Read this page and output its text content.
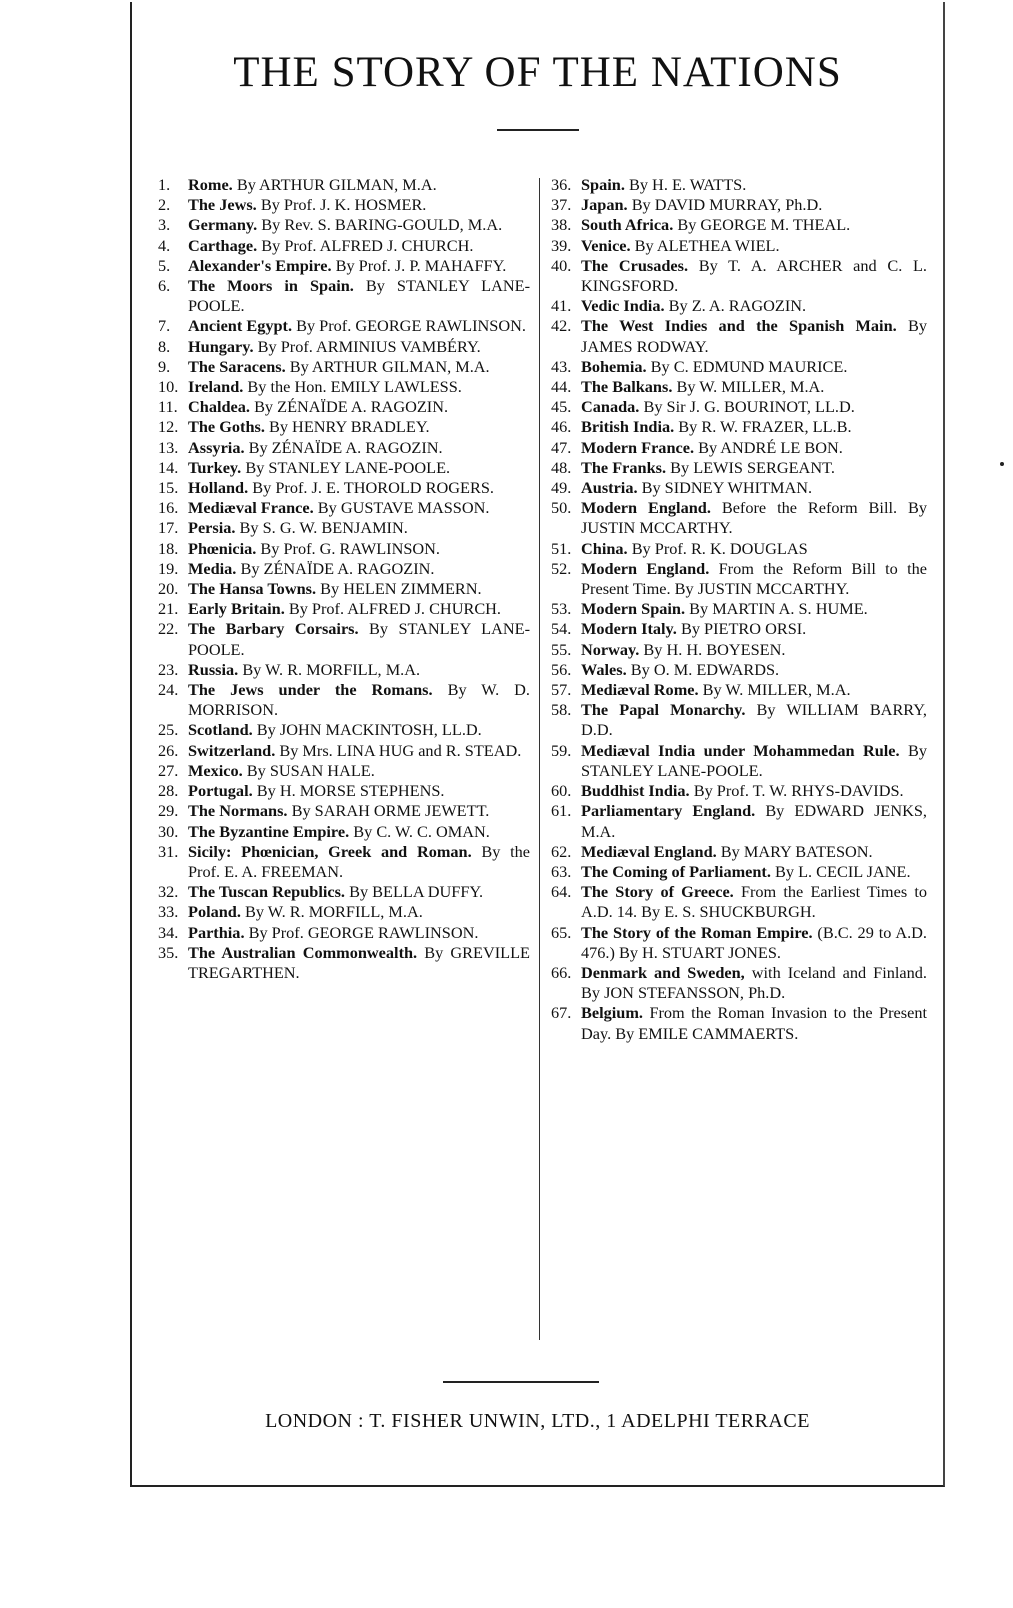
THE STORY OF THE NATIONS
1.	Rome. By ARTHUR GILMAN, M.A.
2.	The Jews. By Prof. J. K. HOSMER.
3.	Germany. By Rev. S. BARING-GOULD, M.A.
4.	Carthage. By Prof. ALFRED J. CHURCH.
5.	Alexander's Empire. By Prof. J. P. MAHAFFY.
6.	The Moors in Spain. By STANLEY LANE-POOLE.
7.	Ancient Egypt. By Prof. GEORGE RAWLINSON.
8.	Hungary. By Prof. ARMINIUS VAMBÉRY.
9.	The Saracens. By ARTHUR GILMAN, M.A.
10. Ireland. By the Hon. EMILY LAWLESS.
11. Chaldea. By ZÉNAÏDE A. RAGOZIN.
12. The Goths. By HENRY BRADLEY.
13. Assyria. By ZÉNAÏDE A. RAGOZIN.
14. Turkey. By STANLEY LANE-POOLE.
15. Holland. By Prof. J. E. THOROLD ROGERS.
16. Mediæval France. By GUSTAVE MASSON.
17. Persia. By S. G. W. BENJAMIN.
18. Phœnicia. By Prof. G. RAWLINSON.
19. Media. By ZÉNAÏDE A. RAGOZIN.
20. The Hansa Towns. By HELEN ZIMMERN.
21. Early Britain. By Prof. ALFRED J. CHURCH.
22. The Barbary Corsairs. By STANLEY LANE-POOLE.
23. Russia. By W. R. MORFILL, M.A.
24. The Jews under the Romans. By W. D. MORRISON.
25. Scotland. By JOHN MACKINTOSH, LL.D.
26. Switzerland. By Mrs. LINA HUG and R. STEAD.
27. Mexico. By SUSAN HALE.
28. Portugal. By H. MORSE STEPHENS.
29. The Normans. By SARAH ORME JEWETT.
30. The Byzantine Empire. By C. W. C. OMAN.
31. Sicily: Phœnician, Greek and Roman. By the Prof. E. A. FREEMAN.
32. The Tuscan Republics. By BELLA DUFFY.
33. Poland. By W. R. MORFILL, M.A.
34. Parthia. By Prof. GEORGE RAWLINSON.
35. The Australian Commonwealth. By GREVILLE TREGARTHEN.
36. Spain. By H. E. WATTS.
37. Japan. By DAVID MURRAY, Ph.D.
38. South Africa. By GEORGE M. THEAL.
39. Venice. By ALETHEA WIEL.
40. The Crusades. By T. A. ARCHER and C. L. KINGSFORD.
41. Vedic India. By Z. A. RAGOZIN.
42. The West Indies and the Spanish Main. By JAMES RODWAY.
43. Bohemia. By C. EDMUND MAURICE.
44. The Balkans. By W. MILLER, M.A.
45. Canada. By Sir J. G. BOURINOT, LL.D.
46. British India. By R. W. FRAZER, LL.B.
47. Modern France. By ANDRÉ LE BON.
48. The Franks. By LEWIS SERGEANT.
49. Austria. By SIDNEY WHITMAN.
50. Modern England. Before the Reform Bill. By JUSTIN MCCARTHY.
51. China. By Prof. R. K. DOUGLAS
52. Modern England. From the Reform Bill to the Present Time. By JUSTIN MCCARTHY.
53. Modern Spain. By MARTIN A. S. HUME.
54. Modern Italy. By PIETRO ORSI.
55. Norway. By H. H. BOYESEN.
56. Wales. By O. M. EDWARDS.
57. Mediæval Rome. By W. MILLER, M.A.
58. The Papal Monarchy. By WILLIAM BARRY, D.D.
59. Mediæval India under Mohammedan Rule. By STANLEY LANE-POOLE.
60. Buddhist India. By Prof. T. W. RHYS-DAVIDS.
61. Parliamentary England. By EDWARD JENKS, M.A.
62. Mediæval England. By MARY BATESON.
63. The Coming of Parliament. By L. CECIL JANE.
64. The Story of Greece. From the Earliest Times to A.D. 14. By E. S. SHUCKBURGH.
65. The Story of the Roman Empire. (B.C. 29 to A.D. 476.) By H. STUART JONES.
66. Denmark and Sweden, with Iceland and Finland. By JON STEFANSSON, Ph.D.
67. Belgium. From the Roman Invasion to the Present Day. By EMILE CAMMAERTS.
LONDON : T. FISHER UNWIN, LTD., 1 ADELPHI TERRACE
